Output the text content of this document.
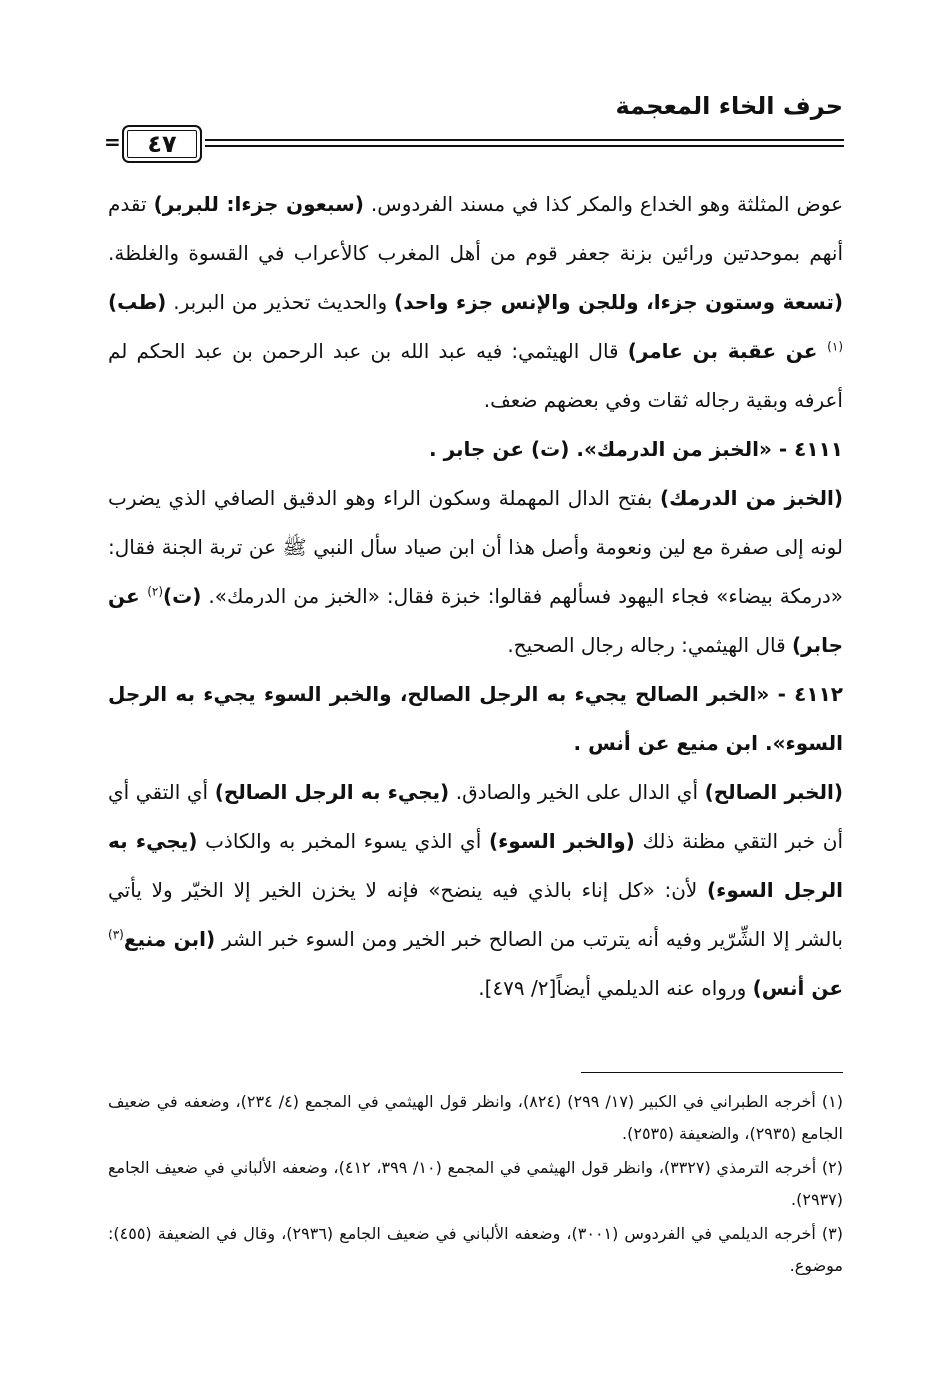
حرف الخاء المعجمة
٤٧
=

عوض المثلثة وهو الخداع والمكر كذا في مسند الفردوس. (سبعون جزءا: للبربر) تقدم أنهم بموحدتين ورائين بزنة جعفر قوم من أهل المغرب كالأعراب في القسوة والغلظة. (تسعة وستون جزءا، وللجن والإنس جزء واحد) والحديث تحذير من البربر. (طب)$^{(١)}$ عن عقبة بن عامر) قال الهيثمي: فيه عبد الله بن عبد الرحمن بن عبد الحكم لم أعرفه وبقية رجاله ثقات وفي بعضهم ضعف.

٤١١١ - «الخبز من الدرمك». (ت) عن جابر .

(الخبز من الدرمك) بفتح الدال المهملة وسكون الراء وهو الدقيق الصافي الذي يضرب لونه إلى صفرة مع لين ونعومة وأصل هذا أن ابن صياد سأل النبي ﷺ عن تربة الجنة فقال: «درمكة بيضاء» فجاء اليهود فسألهم فقالوا: خبزة فقال: «الخبز من الدرمك». (ت)$^{(٢)}$ عن جابر) قال الهيثمي: رجاله رجال الصحيح.

٤١١٢ - «الخبر الصالح يجيء به الرجل الصالح، والخبر السوء يجيء به الرجل السوء». ابن منيع عن أنس .

(الخبر الصالح) أي الدال على الخير والصادق. (يجيء به الرجل الصالح) أي التقي أي أن خبر التقي مظنة ذلك (والخبر السوء) أي الذي يسوء المخبر به والكاذب (يجيء به الرجل السوء) لأن: «كل إناء بالذي فيه ينضح» فإنه لا يخزن الخير إلا الخيّر ولا يأتي بالشر إلا الشِّرّير وفيه أنه يترتب من الصالح خبر الخير ومن السوء خبر الشر (ابن منيع$^{(٣)}$ عن أنس) ورواه عنه الديلمي أيضاً[٢/ ٤٧٩].

(١) أخرجه الطبراني في الكبير (١٧/ ٢٩٩) (٨٢٤)، وانظر قول الهيثمي في المجمع (٤/ ٢٣٤)، وضعفه في ضعيف الجامع (٢٩٣٥)، والضعيفة (٢٥٣٥).

(٢) أخرجه الترمذي (٣٣٢٧)، وانظر قول الهيثمي في المجمع (١٠/ ٣٩٩، ٤١٢)، وضعفه الألباني في ضعيف الجامع (٢٩٣٧).

(٣) أخرجه الديلمي في الفردوس (٣٠٠١)، وضعفه الألباني في ضعيف الجامع (٢٩٣٦)، وقال في الضعيفة (٤٥٥): موضوع.
